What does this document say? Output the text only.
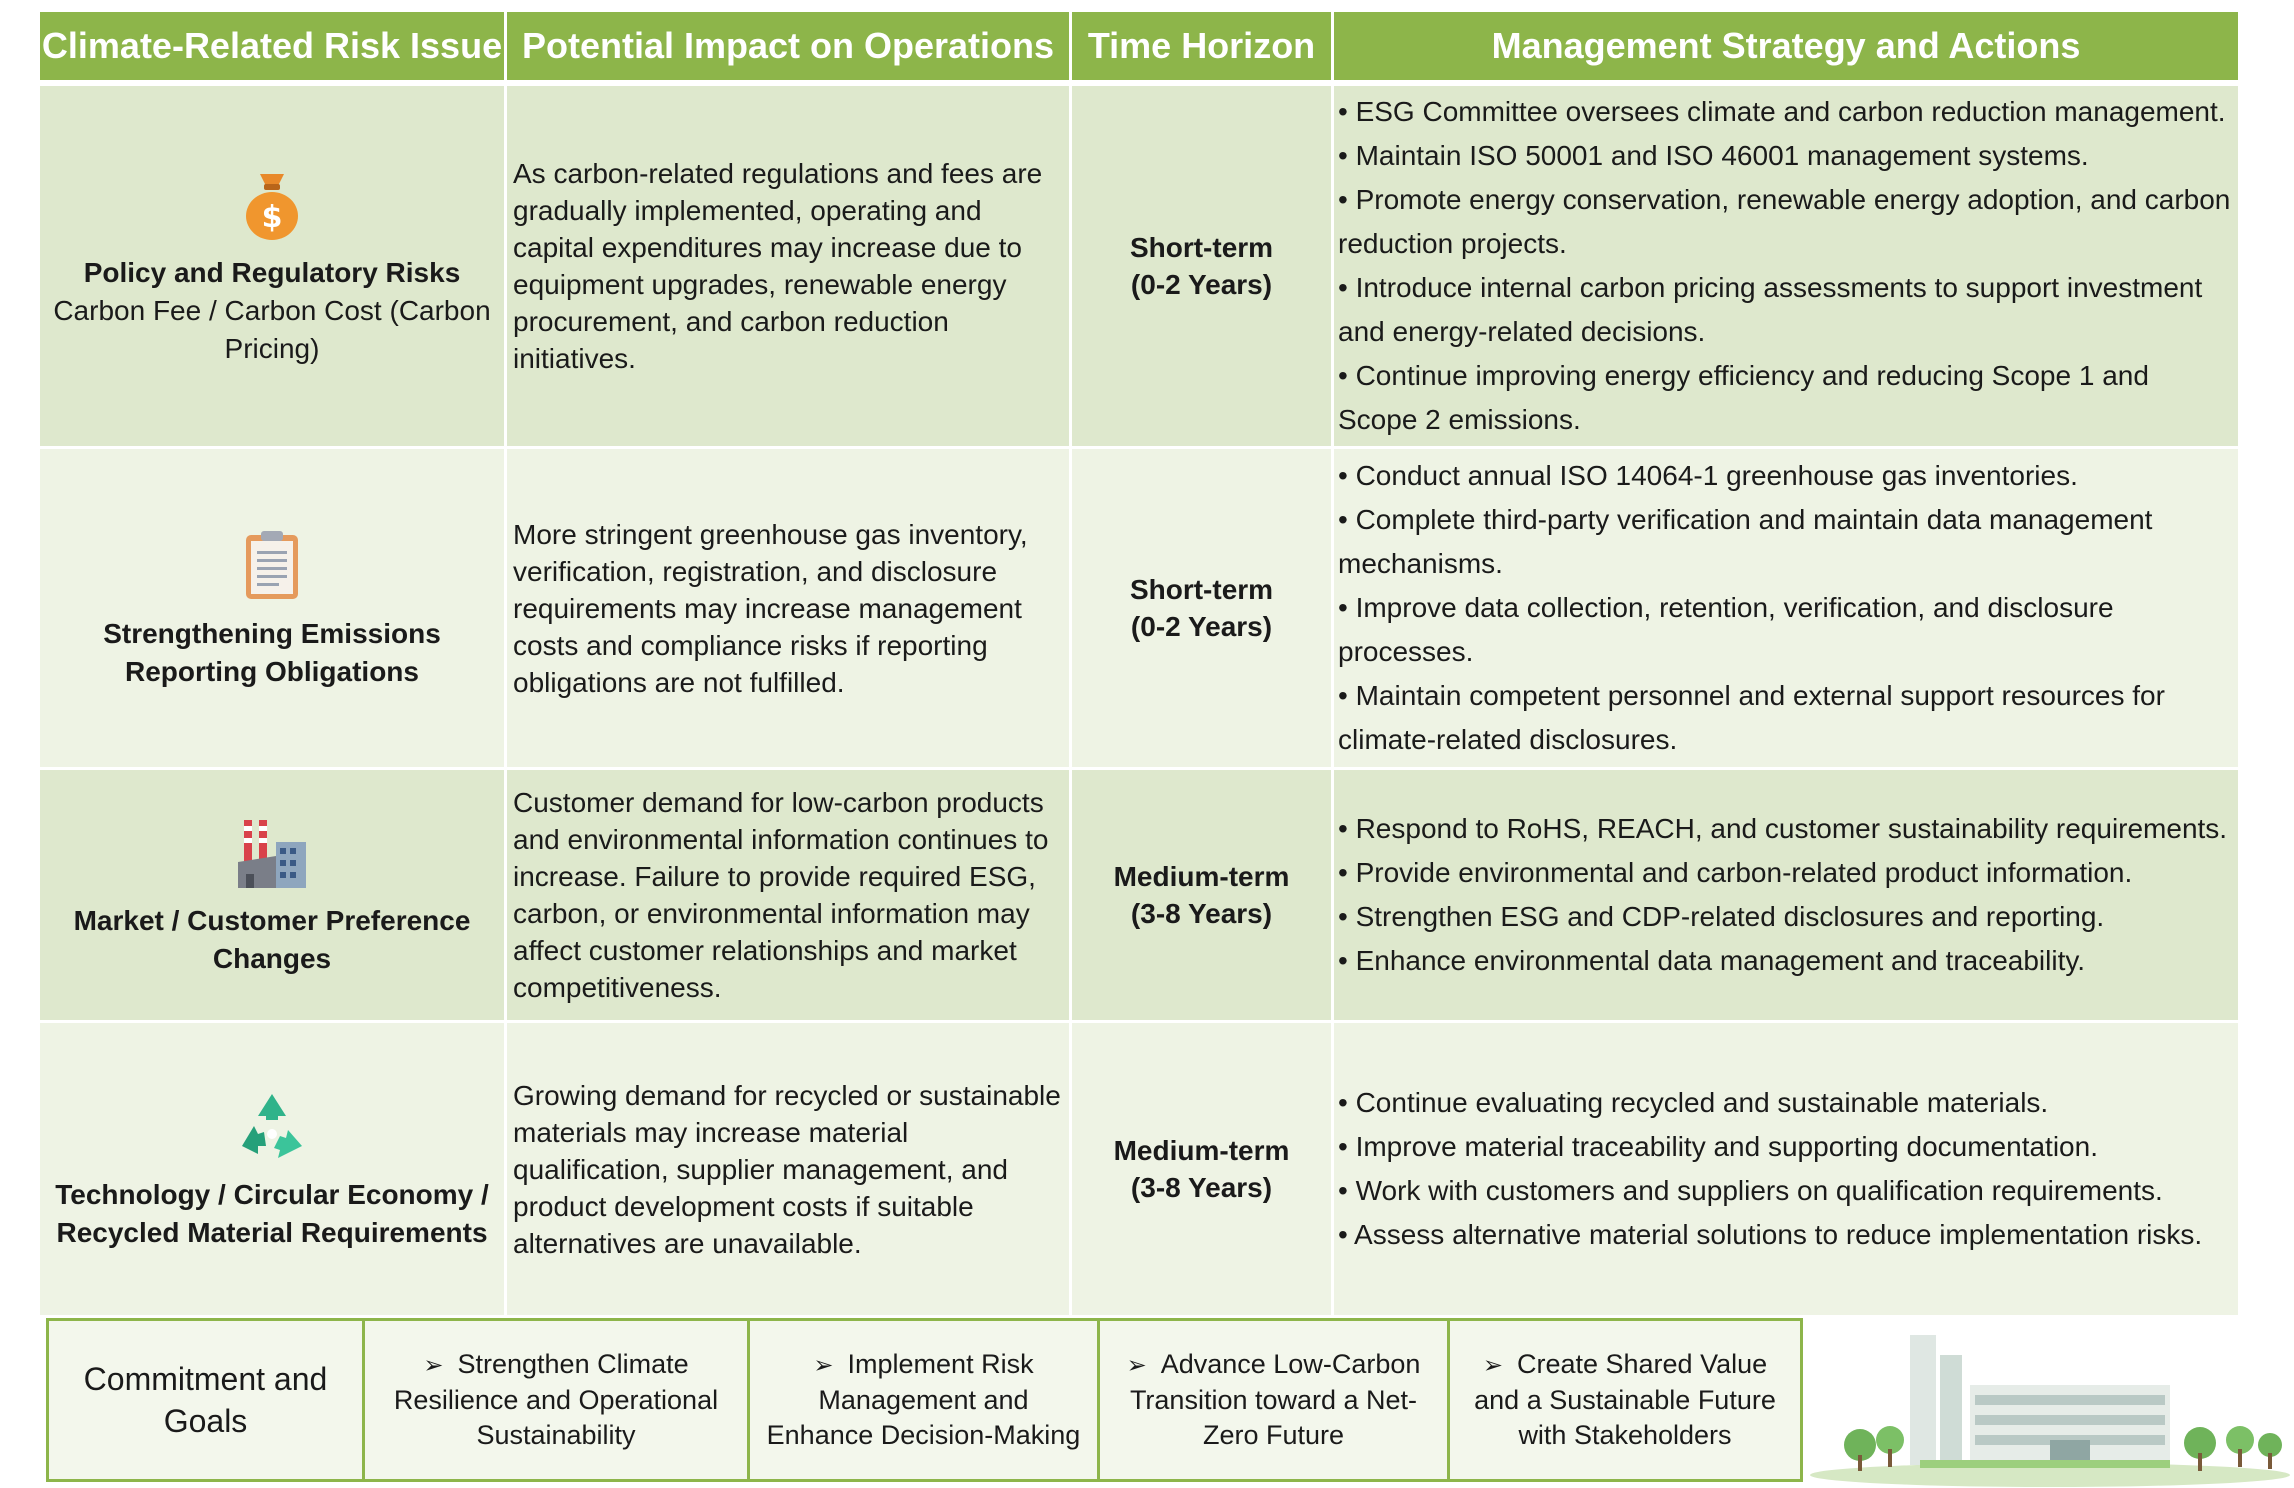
Climate-Related Risk Issue Potential Impact on Operations Time Horizon	Management Strategy and Actions
$
Policy and Regulatory Risks
Carbon Fee / Carbon Cost (Carbon Pricing)
As carbon-related regulations and fees are gradually implemented, operating and capital expenditures may increase due to equipment upgrades, renewable energy procurement, and carbon reduction initiatives.
Short-term
(0-2 Years)
• ESG Committee oversees climate and carbon reduction management.
• Maintain ISO 50001 and ISO 46001 management systems.
• Promote energy conservation, renewable energy adoption, and carbon reduction projects.
• Introduce internal carbon pricing assessments to support investment and energy-related decisions.
• Continue improving energy efficiency and reducing Scope 1 and Scope 2 emissions.
Strengthening Emissions Reporting Obligations
More stringent greenhouse gas inventory, verification, registration, and disclosure requirements may increase management costs and compliance risks if reporting obligations are not fulfilled.
Short-term
(0-2 Years)
• Conduct annual ISO 14064-1 greenhouse gas inventories.
• Complete third-party verification and maintain data management mechanisms.
• Improve data collection, retention, verification, and disclosure processes.
• Maintain competent personnel and external support resources for climate-related disclosures.
Market / Customer Preference Changes
Customer demand for low-carbon products and environmental information continues to increase. Failure to provide required ESG, carbon, or environmental information may affect customer relationships and market competitiveness.
Medium-term
(3-8 Years)
• Respond to RoHS, REACH, and customer sustainability requirements.
• Provide environmental and carbon-related product information.
• Strengthen ESG and CDP-related disclosures and reporting.
• Enhance environmental data management and traceability.
Technology / Circular Economy / Recycled Material Requirements
Growing demand for recycled or sustainable materials may increase material qualification, supplier management, and product development costs if suitable alternatives are unavailable.
Medium-term
(3-8 Years)
• Continue evaluating recycled and sustainable materials.
• Improve material traceability and supporting documentation.
• Work with customers and suppliers on qualification requirements.
• Assess alternative material solutions to reduce implementation risks.
Commitment and Goals
➢ Strengthen Climate Resilience and Operational Sustainability
➢ Implement Risk Management and Enhance Decision-Making
➢ Advance Low-Carbon Transition toward a Net-Zero Future
➢ Create Shared Value and a Sustainable Future with Stakeholders
